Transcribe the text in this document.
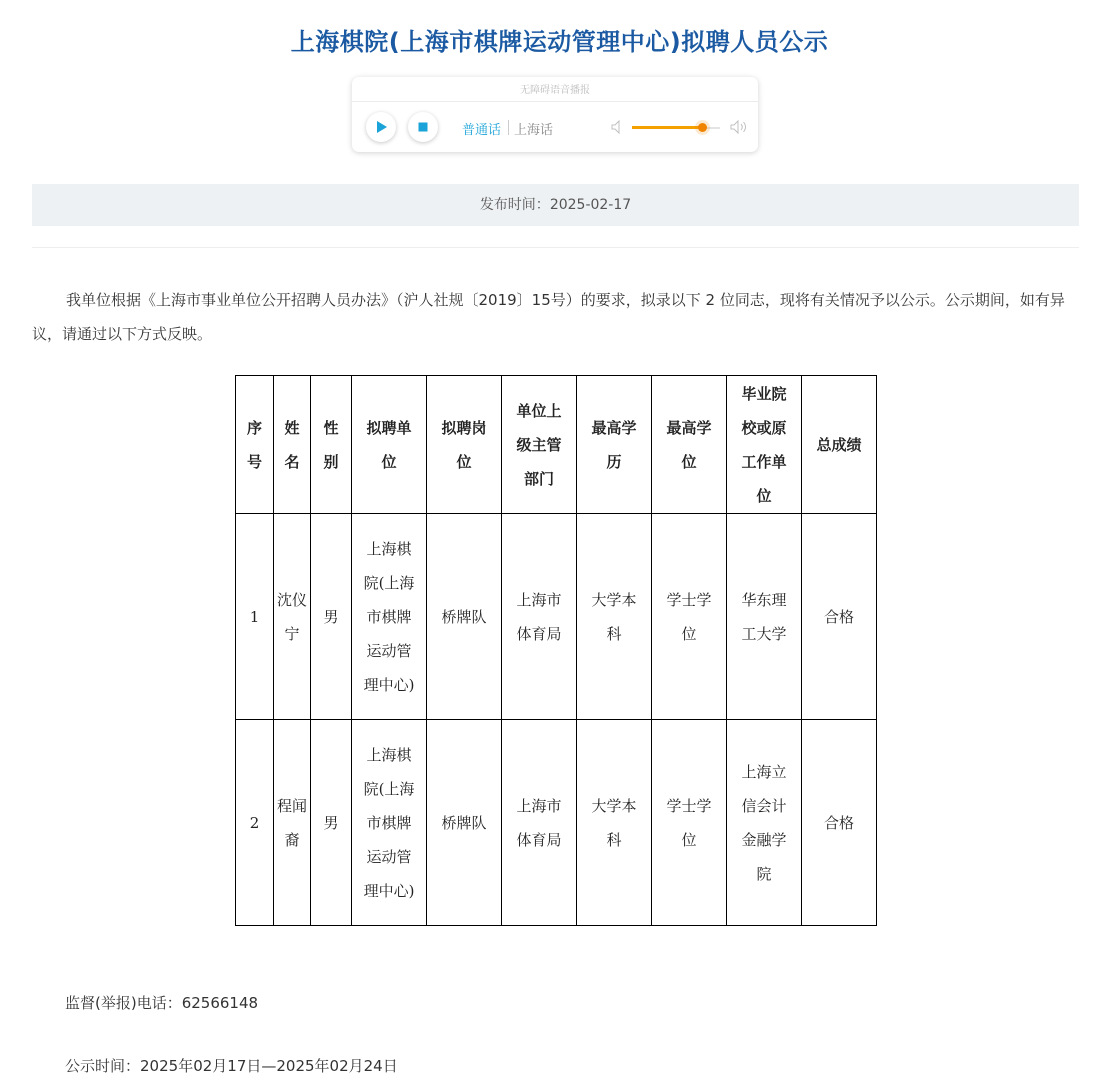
上海棋院(上海市棋牌运动管理中心)拟聘人员公示
无障碍语音播报
普通话 上海话
发布时间：2025-02-17
我单位根据《上海市事业单位公开招聘人员办法》（沪人社规〔2019〕15号）的要求，拟录以下 2 位同志，现将有关情况予以公示。公示期间，如有异议，请通过以下方式反映。
序号	姓名	性别	拟聘单位	拟聘岗位	单位上级主管部门	最高学历	最高学位	毕业院校或原工作单位	总成绩
1	沈仪宁	男	上海棋院(上海市棋牌运动管理中心)	桥牌队	上海市体育局	大学本科	学士学位	华东理工大学	合格
2	程闻裔	男	上海棋院(上海市棋牌运动管理中心)	桥牌队	上海市体育局	大学本科	学士学位	上海立信会计金融学院	合格
监督(举报)电话：62566148
公示时间：2025年02月17日—2025年02月24日
